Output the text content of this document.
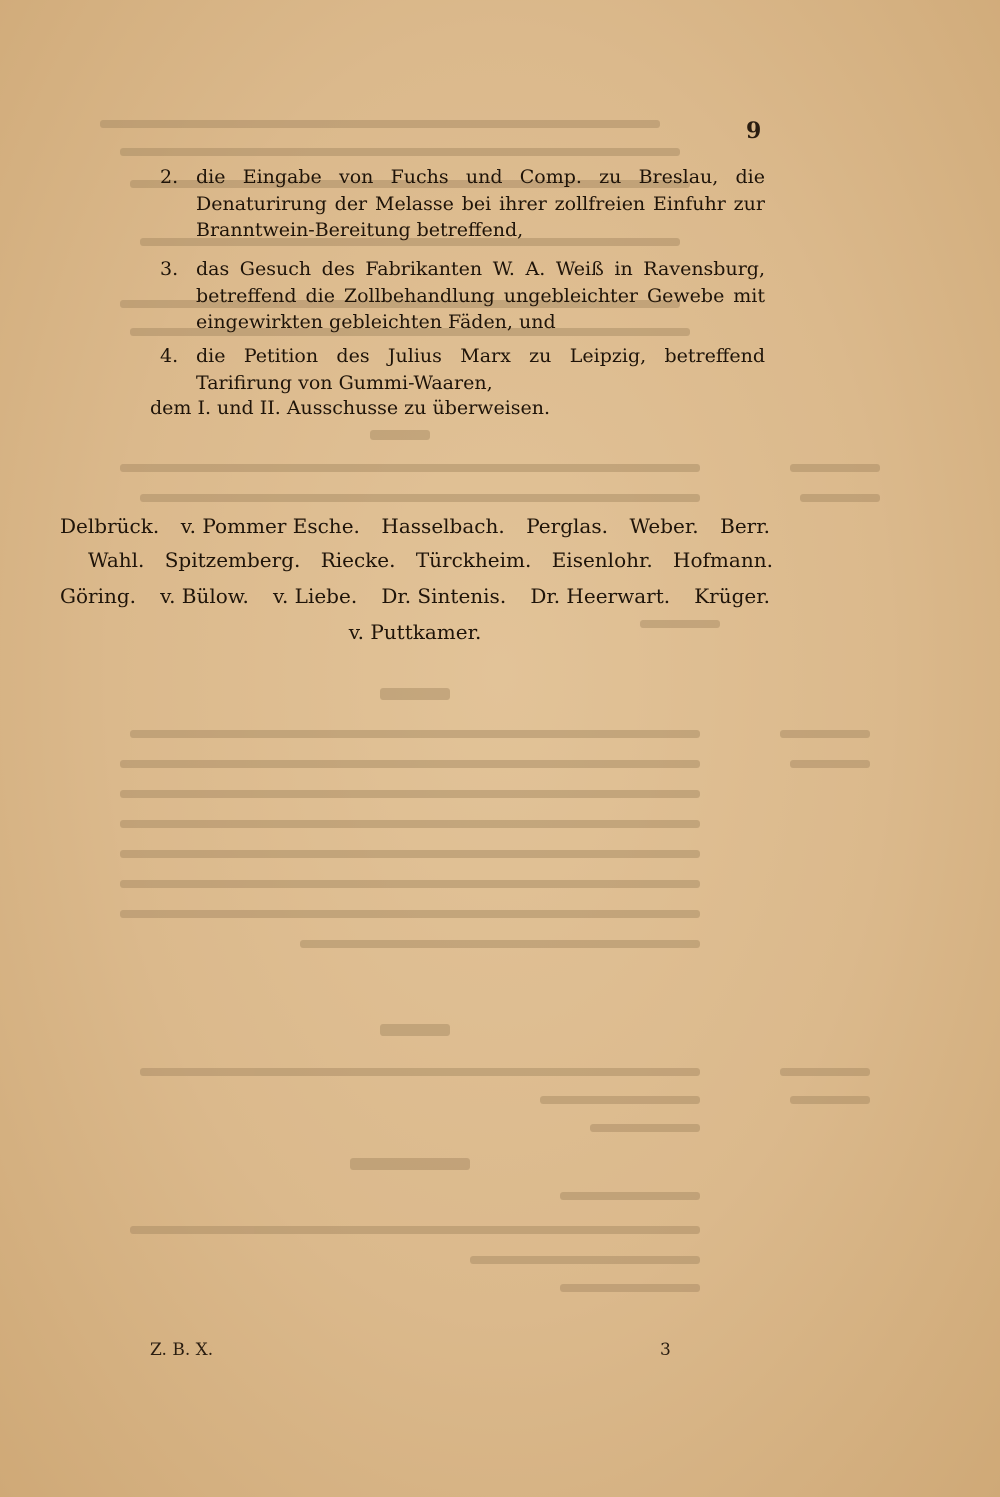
9
2. die Eingabe von Fuchs und Comp. zu Breslau, die Denaturirung der Melasse bei ihrer zollfreien Einfuhr zur Branntwein-Bereitung betreffend,
3. das Gesuch des Fabrikanten W. A. Weiß in Ravensburg, betreffend die Zollbehandlung ungebleichter Gewebe mit eingewirkten gebleichten Fäden, und
4. die Petition des Julius Marx zu Leipzig, betreffend Tarifirung von Gummi-Waaren,
dem I. und II. Ausschusse zu überweisen.
Delbrück. v. Pommer Esche. Hasselbach. Perglas. Weber. Berr.
Wahl. Spitzemberg. Riecke. Türckheim. Eisenlohr. Hofmann.
Göring. v. Bülow. v. Liebe. Dr. Sintenis. Dr. Heerwart. Krüger.
v. Puttkamer.
Z. B. X.	3
